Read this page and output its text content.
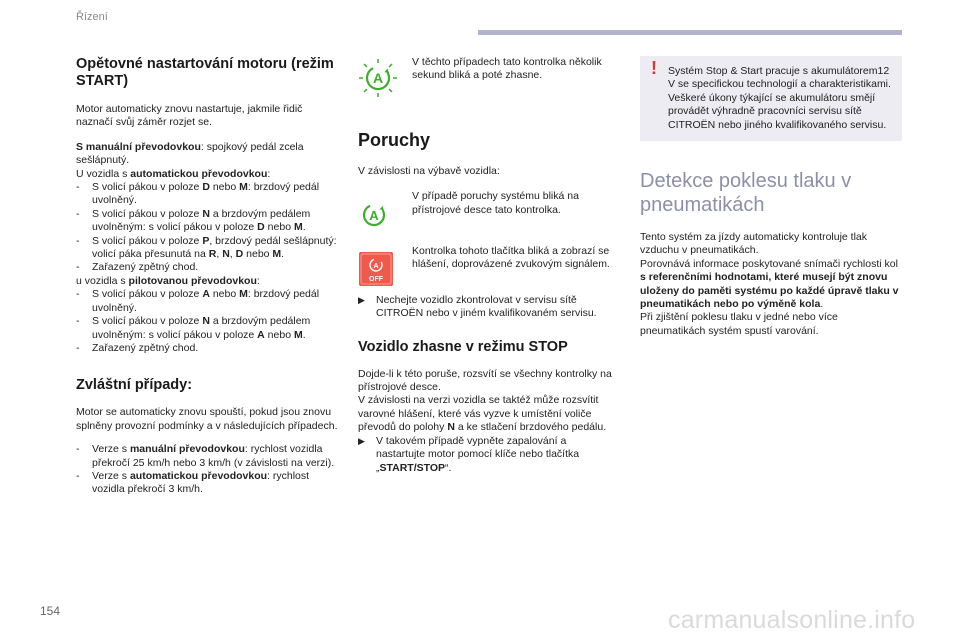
Řízení
154	carmanualsonline.info
Opětovné nastartování motoru (režim START)

Motor automaticky znovu nastartuje, jakmile řidič naznačí svůj záměr rozjet se.

S manuální převodovkou: spojkový pedál zcela sešlápnutý.

U vozidla s automatickou převodovkou:

- S volicí pákou v poloze D nebo M: brzdový pedál uvolněný.
- S volicí pákou v poloze N a brzdovým pedálem uvolněným: s volicí pákou v poloze D nebo M.
- S volicí pákou v poloze P, brzdový pedál sešlápnutý: volicí páka přesunutá na R, N, D nebo M.
- Zařazený zpětný chod.

u vozidla s pilotovanou převodovkou:

- S volicí pákou v poloze A nebo M: brzdový pedál uvolněný.
- S volicí pákou v poloze N a brzdovým pedálem uvolněným: s volicí pákou v poloze A nebo M.
- Zařazený zpětný chod.
Zvláštní případy:

Motor se automaticky znovu spouští, pokud jsou znovu splněny provozní podmínky a v následujících případech.

- Verze s manuální převodovkou: rychlost vozidla překročí 25 km/h nebo 3 km/h (v závislosti na verzi).
- Verze s automatickou převodovkou: rychlost vozidla překročí 3 km/h.
A

V těchto případech tato kontrolka několik sekund bliká a poté zhasne.

Poruchy

V závislosti na výbavě vozidla:

A

V případě poruchy systému bliká na přístrojové desce tato kontrolka.

A
OFF

Kontrolka tohoto tlačítka bliká a zobrazí se hlášení, doprovázené zvukovým signálem.

▶︎ Nechejte vozidlo zkontrolovat v servisu sítě CITROËN nebo v jiném kvalifikovaném servisu.

Vozidlo zhasne v režimu STOP

Dojde-li k této poruše, rozsvítí se všechny kontrolky na přístrojové desce.
V závislosti na verzi vozidla se taktéž může rozsvítit varovné hlášení, které vás vyzve k umístění voliče převodů do polohy N a ke stlačení brzdového pedálu.

▶︎ V takovém případě vypněte zapalování a nastartujte motor pomocí klíče nebo tlačítka „START/STOP“.

! Systém Stop & Start pracuje s akumulátorem12 V se specifickou technologií a charakteristikami.
Veškeré úkony týkající se akumulátoru smějí provádět výhradně pracovníci servisu sítě CITROËN nebo jiného kvalifikovaného servisu.

Detekce poklesu tlaku v pneumatikách

Tento systém za jízdy automaticky kontroluje tlak vzduchu v pneumatikách.
Porovnává informace poskytované snímači rychlosti kol s referenčními hodnotami, které musejí být znovu uloženy do paměti systému po každé úpravě tlaku v pneumatikách nebo po výměně kola.
Při zjištění poklesu tlaku v jedné nebo více pneumatikách systém spustí varování.
